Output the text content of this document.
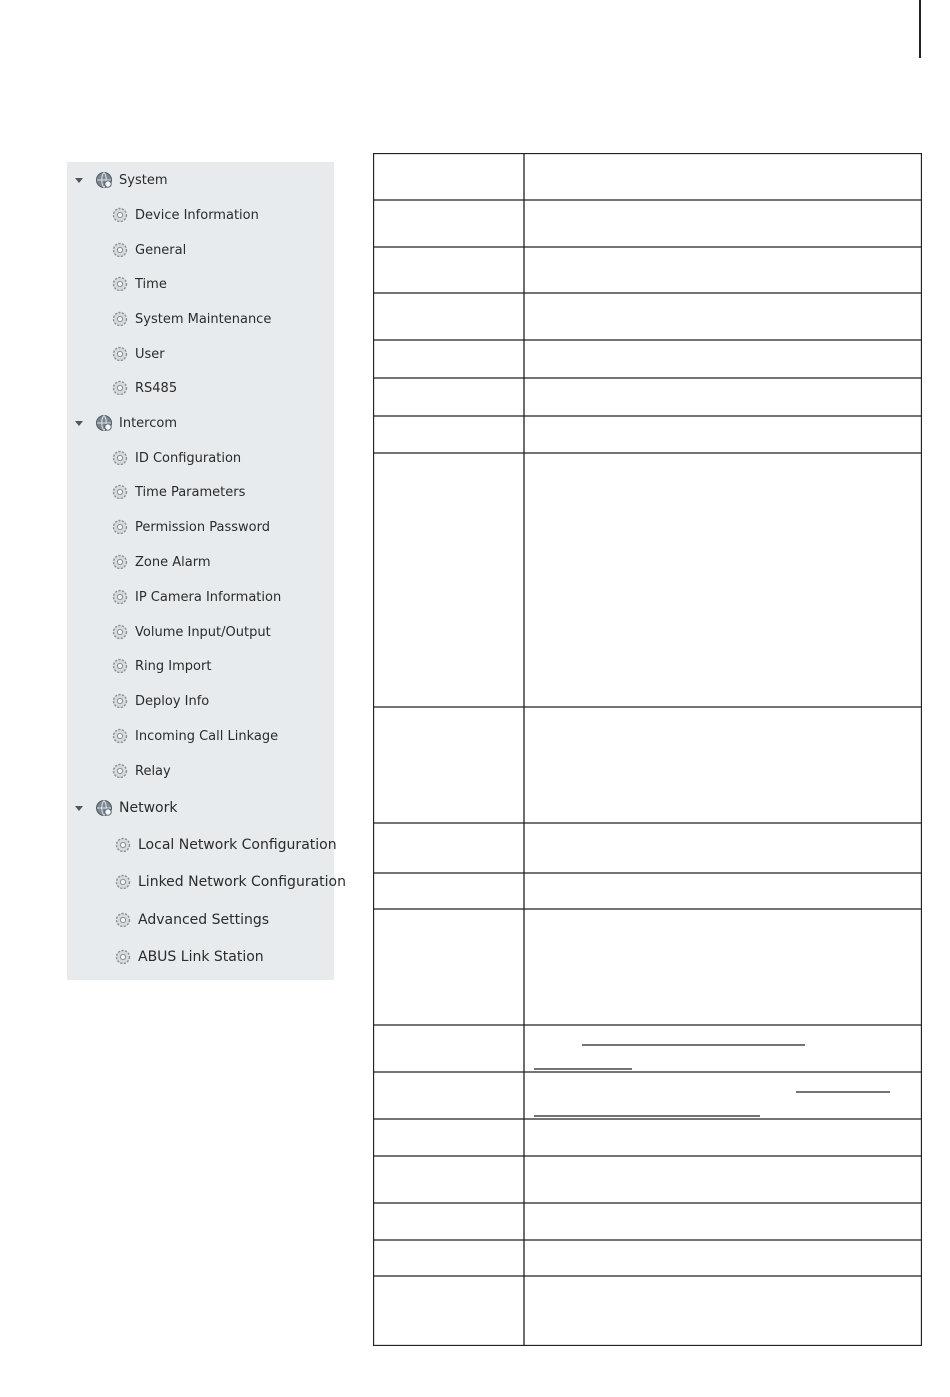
System
Device Information
General
Time
System Maintenance
User
RS485
Intercom
ID Configuration
Time Parameters
Permission Password
Zone Alarm
IP Camera Information
Volume Input/Output
Ring Import
Deploy Info
Incoming Call Linkage
Relay
Network
Local Network Configuration
Linked Network Configuration
Advanced Settings
ABUS Link Station
